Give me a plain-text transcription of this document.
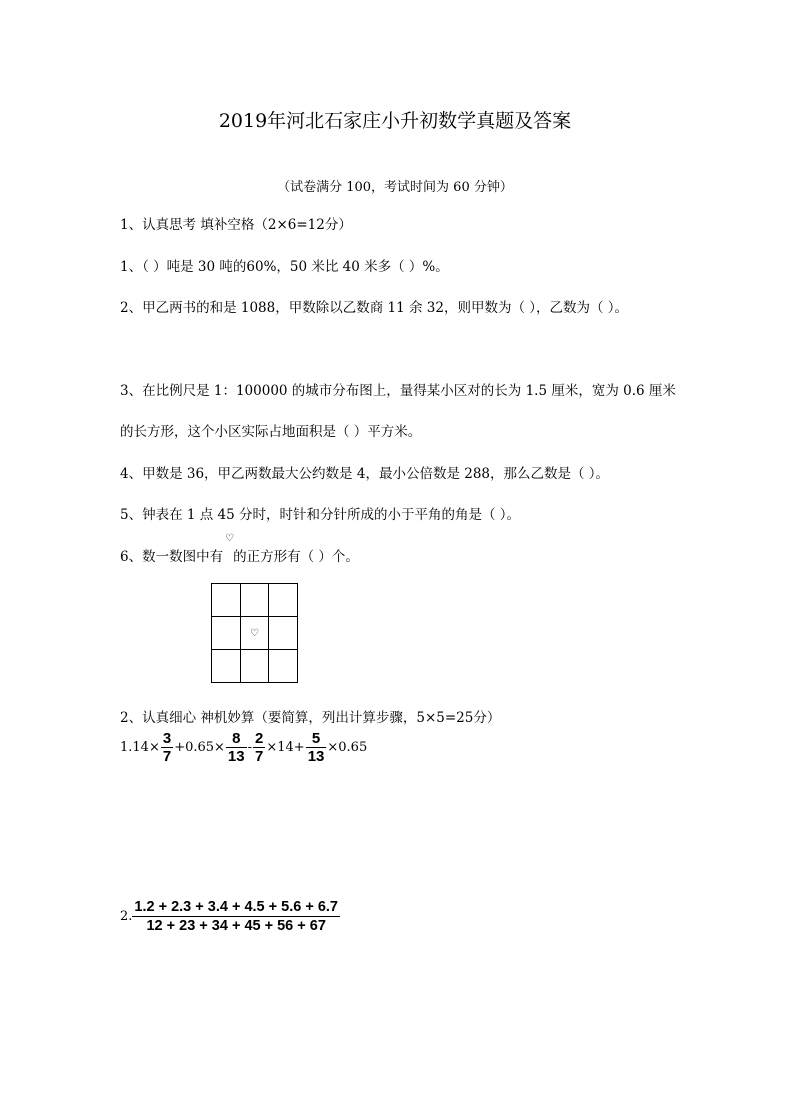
2019年河北石家庄小升初数学真题及答案
（试卷满分 100，考试时间为 60 分钟）
1、认真思考 填补空格（2×6=12分）
1、（ ）吨是 30 吨的60%，50 米比 40 米多（ ）%。
2、甲乙两书的和是 1088，甲数除以乙数商 11 余 32，则甲数为（ ），乙数为（ ）。
3、在比例尺是 1：100000 的城市分布图上，量得某小区对的长为 1.5 厘米，宽为 0.6 厘米
的长方形，这个小区实际占地面积是（ ）平方米。
4、甲数是 36，甲乙两数最大公约数是 4，最小公倍数是 288，那么乙数是（ ）。
5、钟表在 1 点 45 分时，时针和分针所成的小于平角的角是（ ）。
6、数一数图中有 的正方形有（ ）个。
♡

	♡	

2、认真细心 神机妙算（要简算，列出计算步骤，5×5=25分）
$1.14\times \frac{3}{7} +0.65\times \frac{8}{13} - \frac{2}{7} \times 14+ \frac{5}{13} \times 0.65$
2. $\frac{1.2 + 2.3 + 3.4 + 4.5 + 5.6 + 6.7}{12 + 23 + 34 + 45 + 56 + 67}$
